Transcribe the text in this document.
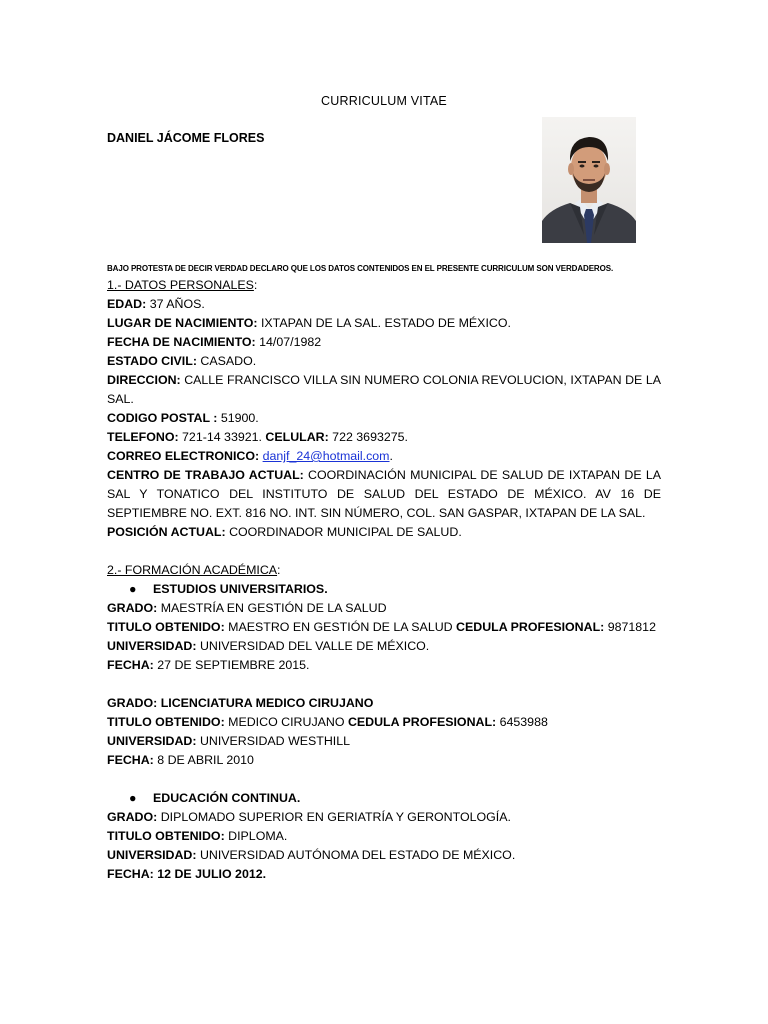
CURRICULUM VITAE
DANIEL JÁCOME FLORES
BAJO PROTESTA DE DECIR VERDAD DECLARO QUE LOS DATOS CONTENIDOS EN EL PRESENTE CURRICULUM SON VERDADEROS.
1.- DATOS PERSONALES:
EDAD: 37 AÑOS.
LUGAR DE NACIMIENTO: IXTAPAN DE LA SAL. ESTADO DE MÉXICO.
FECHA DE NACIMIENTO: 14/07/1982
ESTADO CIVIL: CASADO.
DIRECCION: CALLE FRANCISCO VILLA SIN NUMERO COLONIA REVOLUCION, IXTAPAN DE LA SAL.
CODIGO POSTAL : 51900.
TELEFONO: 721-14 33921. CELULAR: 722 3693275.
CORREO ELECTRONICO: danjf_24@hotmail.com.
CENTRO DE TRABAJO ACTUAL: COORDINACIÓN MUNICIPAL DE SALUD DE IXTAPAN DE LA SAL Y TONATICO DEL INSTITUTO DE SALUD DEL ESTADO DE MÉXICO. AV 16 DE SEPTIEMBRE NO. EXT. 816 NO. INT. SIN NÚMERO, COL. SAN GASPAR, IXTAPAN DE LA SAL.
POSICIÓN ACTUAL: COORDINADOR MUNICIPAL DE SALUD.
2.- FORMACIÓN ACADÉMICA:
● ESTUDIOS UNIVERSITARIOS.
GRADO: MAESTRÍA EN GESTIÓN DE LA SALUD
TITULO OBTENIDO: MAESTRO EN GESTIÓN DE LA SALUD CEDULA PROFESIONAL: 9871812
UNIVERSIDAD: UNIVERSIDAD DEL VALLE DE MÉXICO.
FECHA: 27 DE SEPTIEMBRE 2015.
GRADO: LICENCIATURA MEDICO CIRUJANO
TITULO OBTENIDO: MEDICO CIRUJANO CEDULA PROFESIONAL: 6453988
UNIVERSIDAD: UNIVERSIDAD WESTHILL
FECHA: 8 DE ABRIL 2010
● EDUCACIÓN CONTINUA.
GRADO: DIPLOMADO SUPERIOR EN GERIATRÍA Y GERONTOLOGÍA.
TITULO OBTENIDO: DIPLOMA.
UNIVERSIDAD: UNIVERSIDAD AUTÓNOMA DEL ESTADO DE MÉXICO.
FECHA: 12 DE JULIO 2012.
